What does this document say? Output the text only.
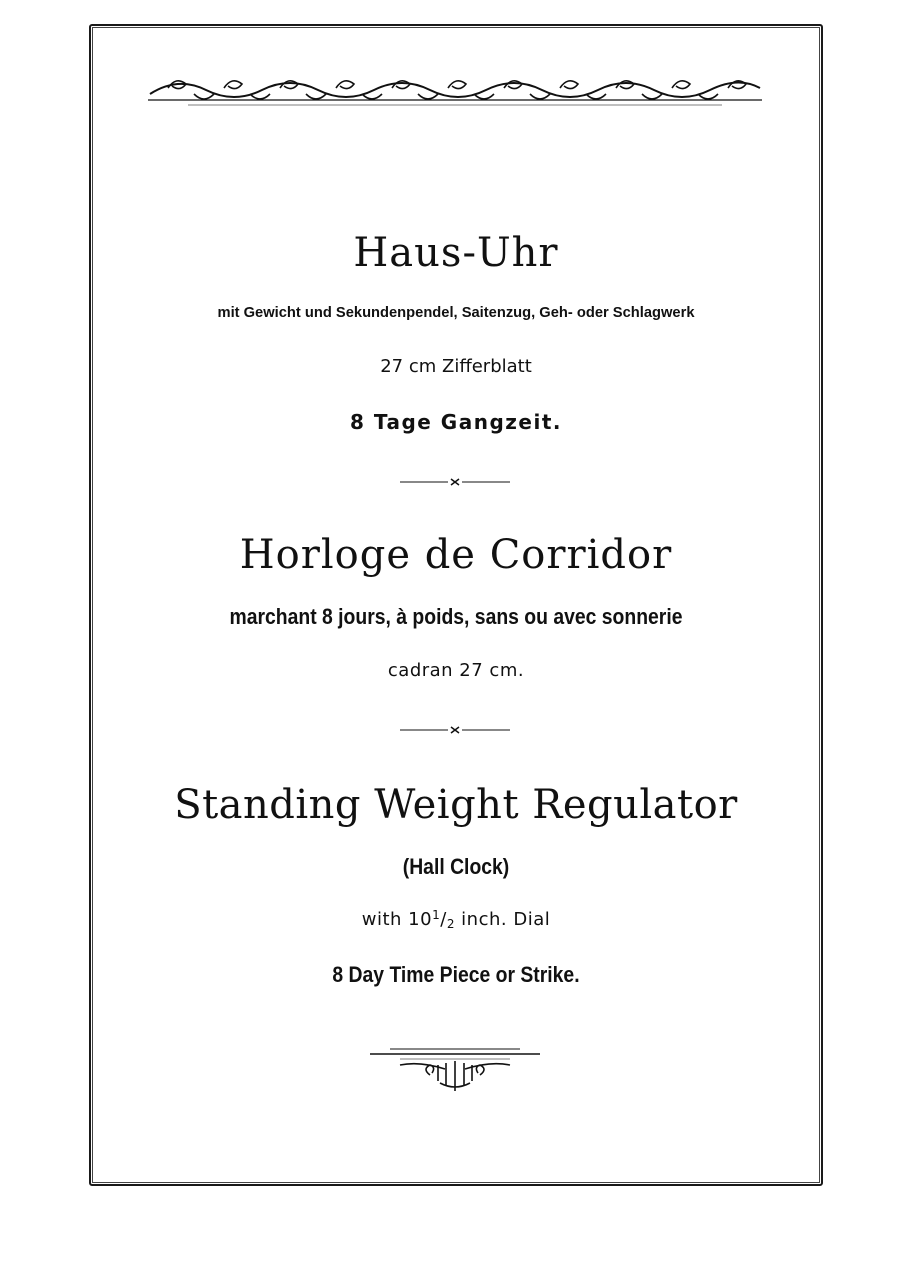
Haus-Uhr
mit Gewicht und Sekundenpendel, Saitenzug, Geh- oder Schlagwerk
27 cm Zifferblatt
8 Tage Gangzeit.
Horloge de Corridor
marchant 8 jours, à poids, sans ou avec sonnerie
cadran 27 cm.
Standing Weight Regulator
(Hall Clock)
with $10^1/2$ inch. Dial
8 Day Time Piece or Strike.
